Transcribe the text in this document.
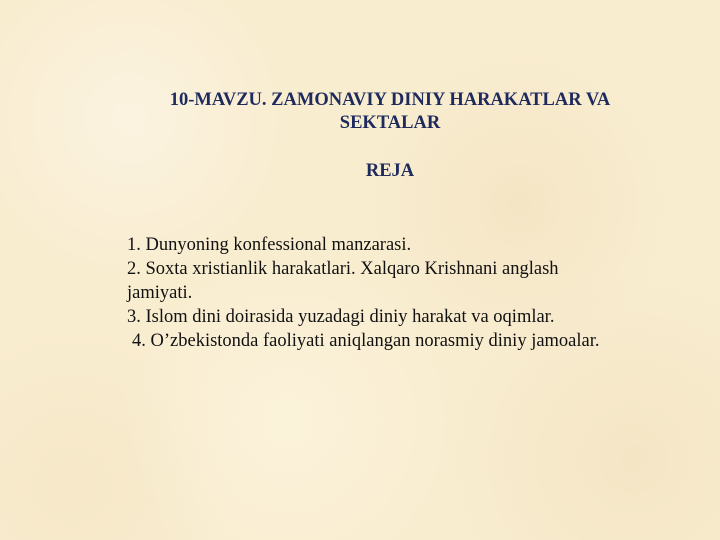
10-MAVZU. ZAMONAVIY DINIY HARAKATLAR VA
SEKTALAR
REJA
1. Dunyoning konfessional manzarasi.
2. Soxta xristianlik harakatlari. Xalqaro Krishnani anglash
jamiyati.
3. Islom dini doirasida yuzadagi diniy harakat va oqimlar.
4. O’zbekistonda faoliyati aniqlangan norasmiy diniy jamoalar.
